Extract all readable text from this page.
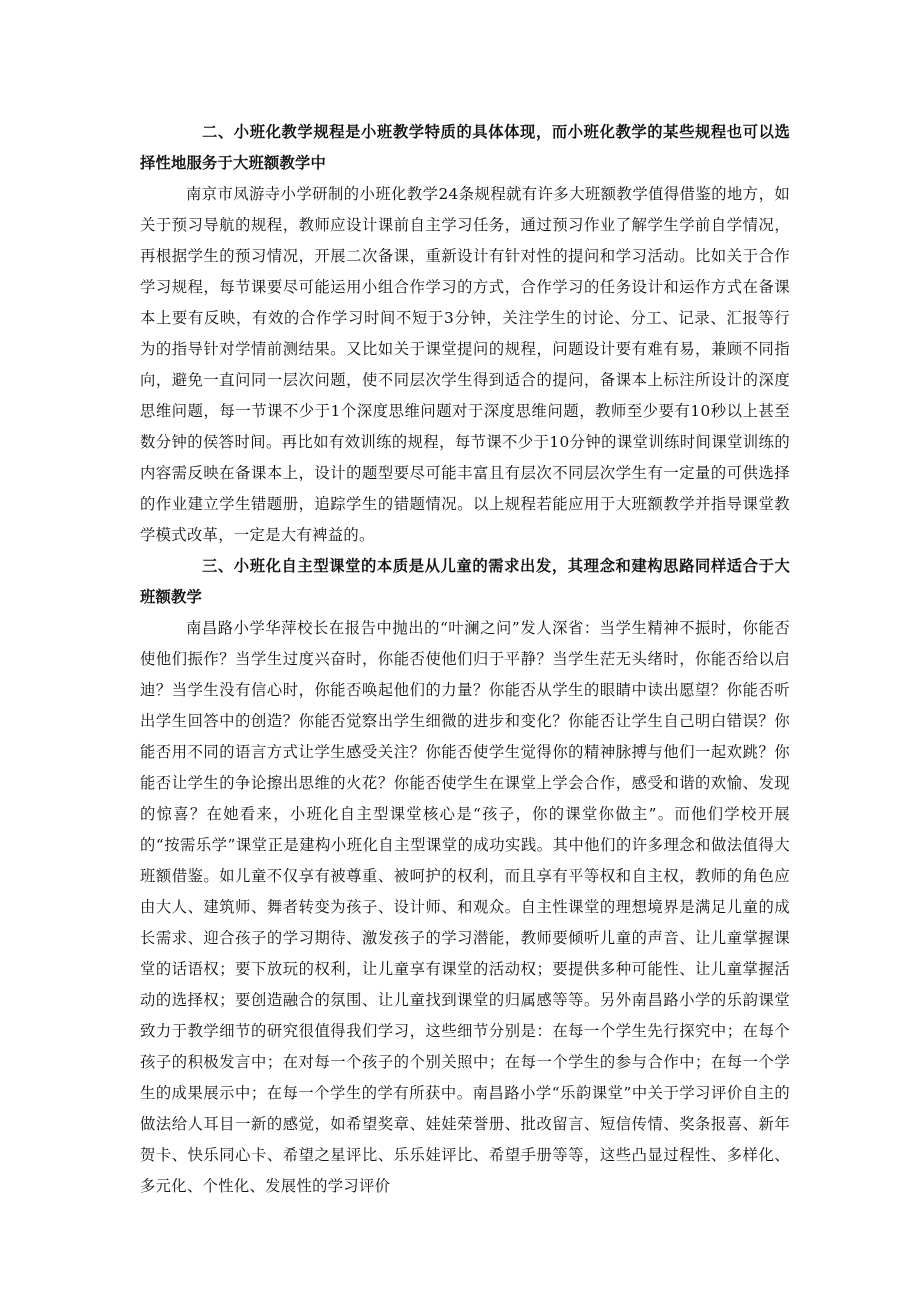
二、小班化教学规程是小班教学特质的具体体现，而小班化教学的某些规程也可以选择性地服务于大班额教学中

南京市凤游寺小学研制的小班化教学24条规程就有许多大班额教学值得借鉴的地方，如关于预习导航的规程，教师应设计课前自主学习任务，通过预习作业了解学生学前自学情况，再根据学生的预习情况，开展二次备课，重新设计有针对性的提问和学习活动。比如关于合作学习规程，每节课要尽可能运用小组合作学习的方式，合作学习的任务设计和运作方式在备课本上要有反映，有效的合作学习时间不短于3分钟，关注学生的讨论、分工、记录、汇报等行为的指导针对学情前测结果。又比如关于课堂提问的规程，问题设计要有难有易，兼顾不同指向，避免一直问同一层次问题，使不同层次学生得到适合的提问，备课本上标注所设计的深度思维问题，每一节课不少于1个深度思维问题对于深度思维问题，教师至少要有10秒以上甚至数分钟的侯答时间。再比如有效训练的规程，每节课不少于10分钟的课堂训练时间课堂训练的内容需反映在备课本上，设计的题型要尽可能丰富且有层次不同层次学生有一定量的可供选择的作业建立学生错题册，追踪学生的错题情况。以上规程若能应用于大班额教学并指导课堂教学模式改革，一定是大有裨益的。

三、小班化自主型课堂的本质是从儿童的需求出发，其理念和建构思路同样适合于大班额教学

南昌路小学华萍校长在报告中抛出的“叶澜之问”发人深省：当学生精神不振时，你能否使他们振作？当学生过度兴奋时，你能否使他们归于平静？当学生茫无头绪时，你能否给以启迪？当学生没有信心时，你能否唤起他们的力量？你能否从学生的眼睛中读出愿望？你能否听出学生回答中的创造？你能否觉察出学生细微的进步和变化？你能否让学生自己明白错误？你能否用不同的语言方式让学生感受关注？你能否使学生觉得你的精神脉搏与他们一起欢跳？你能否让学生的争论擦出思维的火花？你能否使学生在课堂上学会合作，感受和谐的欢愉、发现的惊喜？在她看来，小班化自主型课堂核心是“孩子，你的课堂你做主”。而他们学校开展的“按需乐学”课堂正是建构小班化自主型课堂的成功实践。其中他们的许多理念和做法值得大班额借鉴。如儿童不仅享有被尊重、被呵护的权利，而且享有平等权和自主权，教师的角色应由大人、建筑师、舞者转变为孩子、设计师、和观众。自主性课堂的理想境界是满足儿童的成长需求、迎合孩子的学习期待、激发孩子的学习潜能，教师要倾听儿童的声音、让儿童掌握课堂的话语权；要下放玩的权利，让儿童享有课堂的活动权；要提供多种可能性、让儿童掌握活动的选择权；要创造融合的氛围、让儿童找到课堂的归属感等等。另外南昌路小学的乐韵课堂致力于教学细节的研究很值得我们学习，这些细节分别是：在每一个学生先行探究中；在每个孩子的积极发言中；在对每一个孩子的个别关照中；在每一个学生的参与合作中；在每一个学生的成果展示中；在每一个学生的学有所获中。南昌路小学“乐韵课堂”中关于学习评价自主的做法给人耳目一新的感觉，如希望奖章、娃娃荣誉册、批改留言、短信传情、奖条报喜、新年贺卡、快乐同心卡、希望之星评比、乐乐娃评比、希望手册等等，这些凸显过程性、多样化、多元化、个性化、发展性的学习评价
